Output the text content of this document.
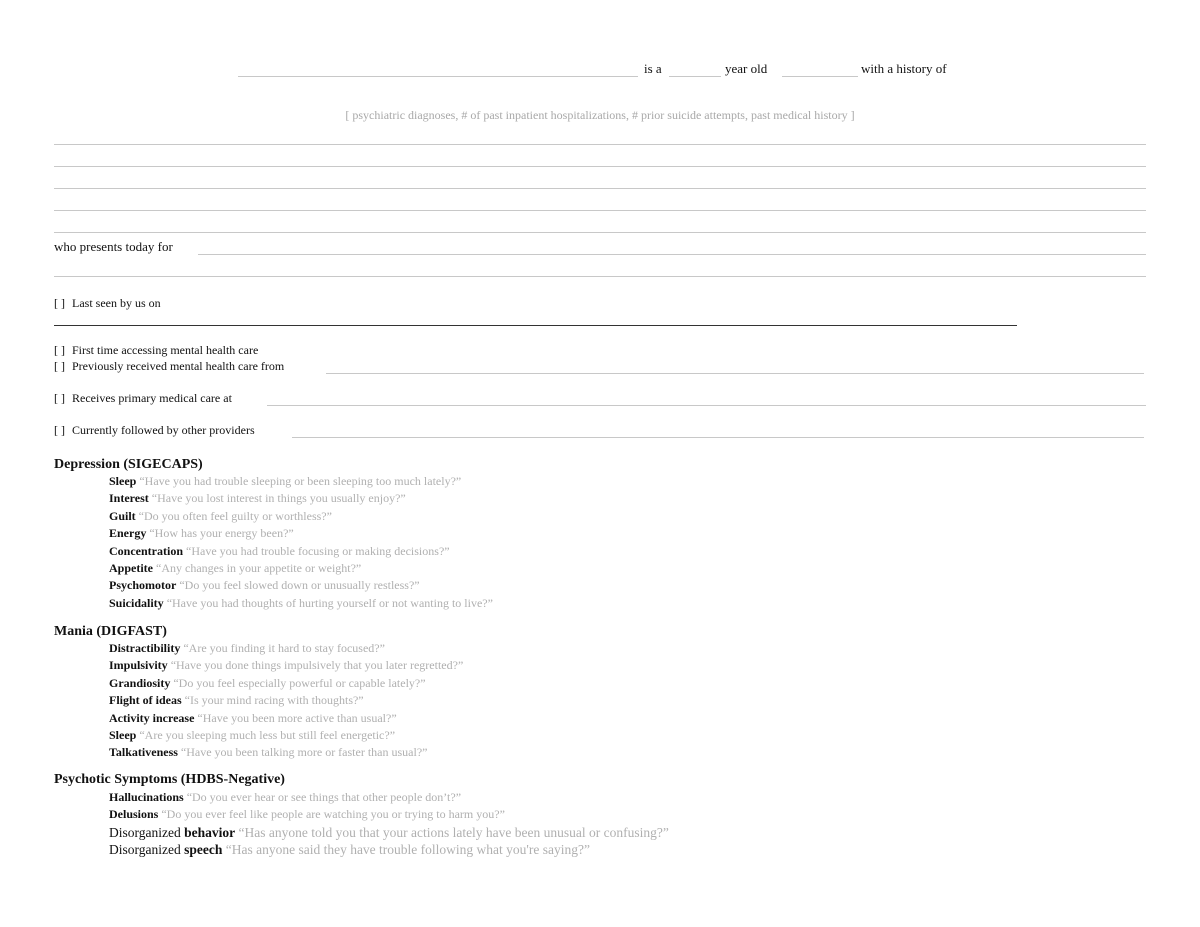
is a	year old	with a history of
[ psychiatric diagnoses, # of past inpatient hospitalizations, # prior suicide attempts, past medical history ]
who presents today for
[ ] Last seen by us on
[ ] First time accessing mental health care
[ ] Previously received mental health care from
[ ] Receives primary medical care at
[ ] Currently followed by other providers
Depression (SIGECAPS)
Sleep “Have you had trouble sleeping or been sleeping too much lately?”
Interest “Have you lost interest in things you usually enjoy?”
Guilt “Do you often feel guilty or worthless?”
Energy “How has your energy been?”
Concentration “Have you had trouble focusing or making decisions?”
Appetite “Any changes in your appetite or weight?”
Psychomotor “Do you feel slowed down or unusually restless?”
Suicidality “Have you had thoughts of hurting yourself or not wanting to live?”
Mania (DIGFAST)
Distractibility “Are you finding it hard to stay focused?”
Impulsivity “Have you done things impulsively that you later regretted?”
Grandiosity “Do you feel especially powerful or capable lately?”
Flight of ideas “Is your mind racing with thoughts?”
Activity increase “Have you been more active than usual?”
Sleep “Are you sleeping much less but still feel energetic?”
Talkativeness “Have you been talking more or faster than usual?”
Psychotic Symptoms (HDBS-Negative)
Hallucinations “Do you ever hear or see things that other people don’t?”
Delusions “Do you ever feel like people are watching you or trying to harm you?”
Disorganized behavior “Has anyone told you that your actions lately have been unusual or confusing?”
Disorganized speech “Has anyone said they have trouble following what you're saying?”
